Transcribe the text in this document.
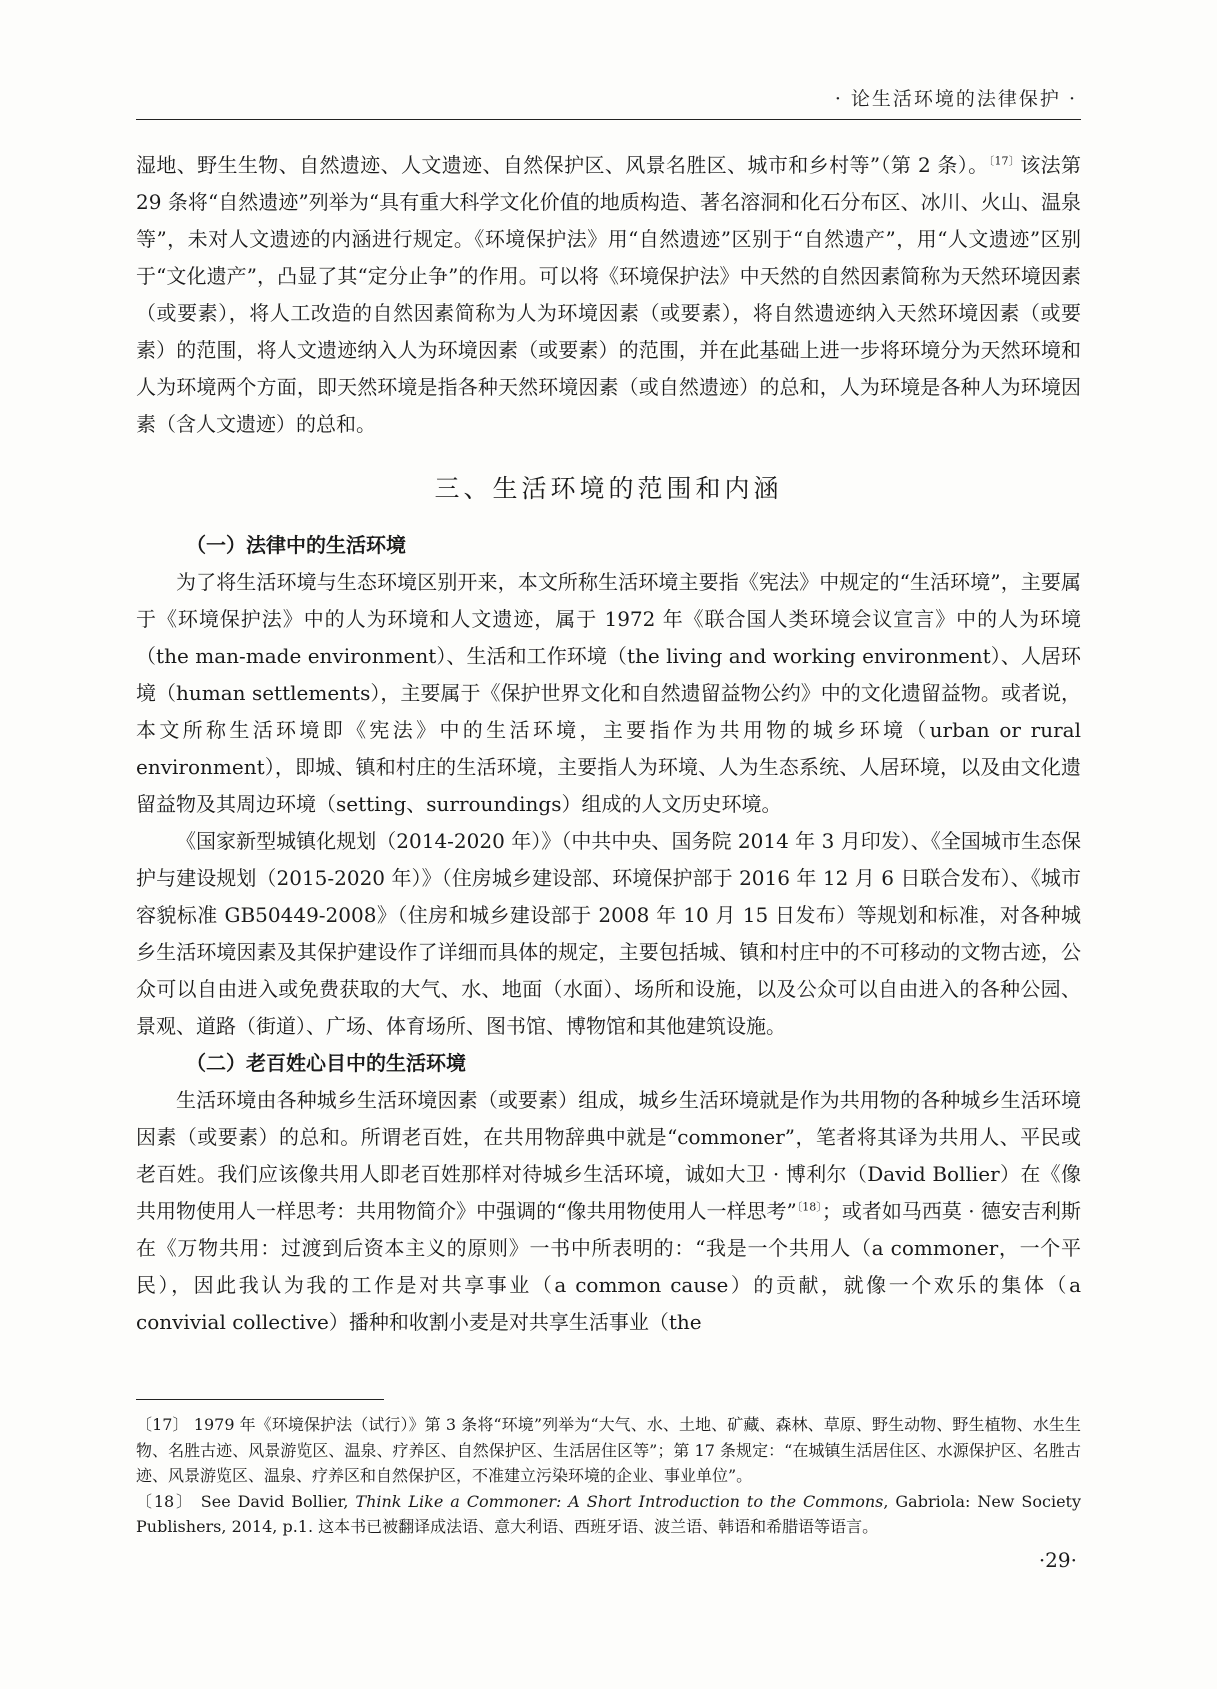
· 论生活环境的法律保护 ·

湿地、野生生物、自然遗迹、人文遗迹、自然保护区、风景名胜区、城市和乡村等”（第 2 条）。$^{〔17〕}$该法第 29 条将“自然遗迹”列举为“具有重大科学文化价值的地质构造、著名溶洞和化石分布区、冰川、火山、温泉等”，未对人文遗迹的内涵进行规定。《环境保护法》用“自然遗迹”区别于“自然遗产”，用“人文遗迹”区别于“文化遗产”，凸显了其“定分止争”的作用。可以将《环境保护法》中天然的自然因素简称为天然环境因素（或要素），将人工改造的自然因素简称为人为环境因素（或要素），将自然遗迹纳入天然环境因素（或要素）的范围，将人文遗迹纳入人为环境因素（或要素）的范围，并在此基础上进一步将环境分为天然环境和人为环境两个方面，即天然环境是指各种天然环境因素（或自然遗迹）的总和，人为环境是各种人为环境因素（含人文遗迹）的总和。

三、生活环境的范围和内涵

（一）法律中的生活环境

为了将生活环境与生态环境区别开来，本文所称生活环境主要指《宪法》中规定的“生活环境”，主要属于《环境保护法》中的人为环境和人文遗迹，属于 1972 年《联合国人类环境会议宣言》中的人为环境（the man-made environment）、生活和工作环境（the living and working environment）、人居环境（human settlements），主要属于《保护世界文化和自然遗留益物公约》中的文化遗留益物。或者说，本文所称生活环境即《宪法》中的生活环境，主要指作为共用物的城乡环境（urban or rural environment），即城、镇和村庄的生活环境，主要指人为环境、人为生态系统、人居环境，以及由文化遗留益物及其周边环境（setting、surroundings）组成的人文历史环境。

《国家新型城镇化规划（2014-2020 年）》（中共中央、国务院 2014 年 3 月印发）、《全国城市生态保护与建设规划（2015-2020 年）》（住房城乡建设部、环境保护部于 2016 年 12 月 6 日联合发布）、《城市容貌标准 GB50449-2008》（住房和城乡建设部于 2008 年 10 月 15 日发布）等规划和标准，对各种城乡生活环境因素及其保护建设作了详细而具体的规定，主要包括城、镇和村庄中的不可移动的文物古迹，公众可以自由进入或免费获取的大气、水、地面（水面）、场所和设施，以及公众可以自由进入的各种公园、景观、道路（街道）、广场、体育场所、图书馆、博物馆和其他建筑设施。

（二）老百姓心目中的生活环境

生活环境由各种城乡生活环境因素（或要素）组成，城乡生活环境就是作为共用物的各种城乡生活环境因素（或要素）的总和。所谓老百姓，在共用物辞典中就是“commoner”，笔者将其译为共用人、平民或老百姓。我们应该像共用人即老百姓那样对待城乡生活环境，诚如大卫 · 博利尔（David Bollier）在《像共用物使用人一样思考：共用物简介》中强调的“像共用物使用人一样思考”$^{〔18〕}$；或者如马西莫 · 德安吉利斯在《万物共用：过渡到后资本主义的原则》一书中所表明的：“我是一个共用人（a commoner，一个平民），因此我认为我的工作是对共享事业（a common cause）的贡献，就像一个欢乐的集体（a convivial collective）播种和收割小麦是对共享生活事业（the

〔17〕 1979 年《环境保护法（试行）》第 3 条将“环境”列举为“大气、水、土地、矿藏、森林、草原、野生动物、野生植物、水生生物、名胜古迹、风景游览区、温泉、疗养区、自然保护区、生活居住区等”；第 17 条规定：“在城镇生活居住区、水源保护区、名胜古迹、风景游览区、温泉、疗养区和自然保护区，不准建立污染环境的企业、事业单位”。

〔18〕 See David Bollier, Think Like a Commoner: A Short Introduction to the Commons, Gabriola: New Society Publishers, 2014, p.1. 这本书已被翻译成法语、意大利语、西班牙语、波兰语、韩语和希腊语等语言。

·29·
